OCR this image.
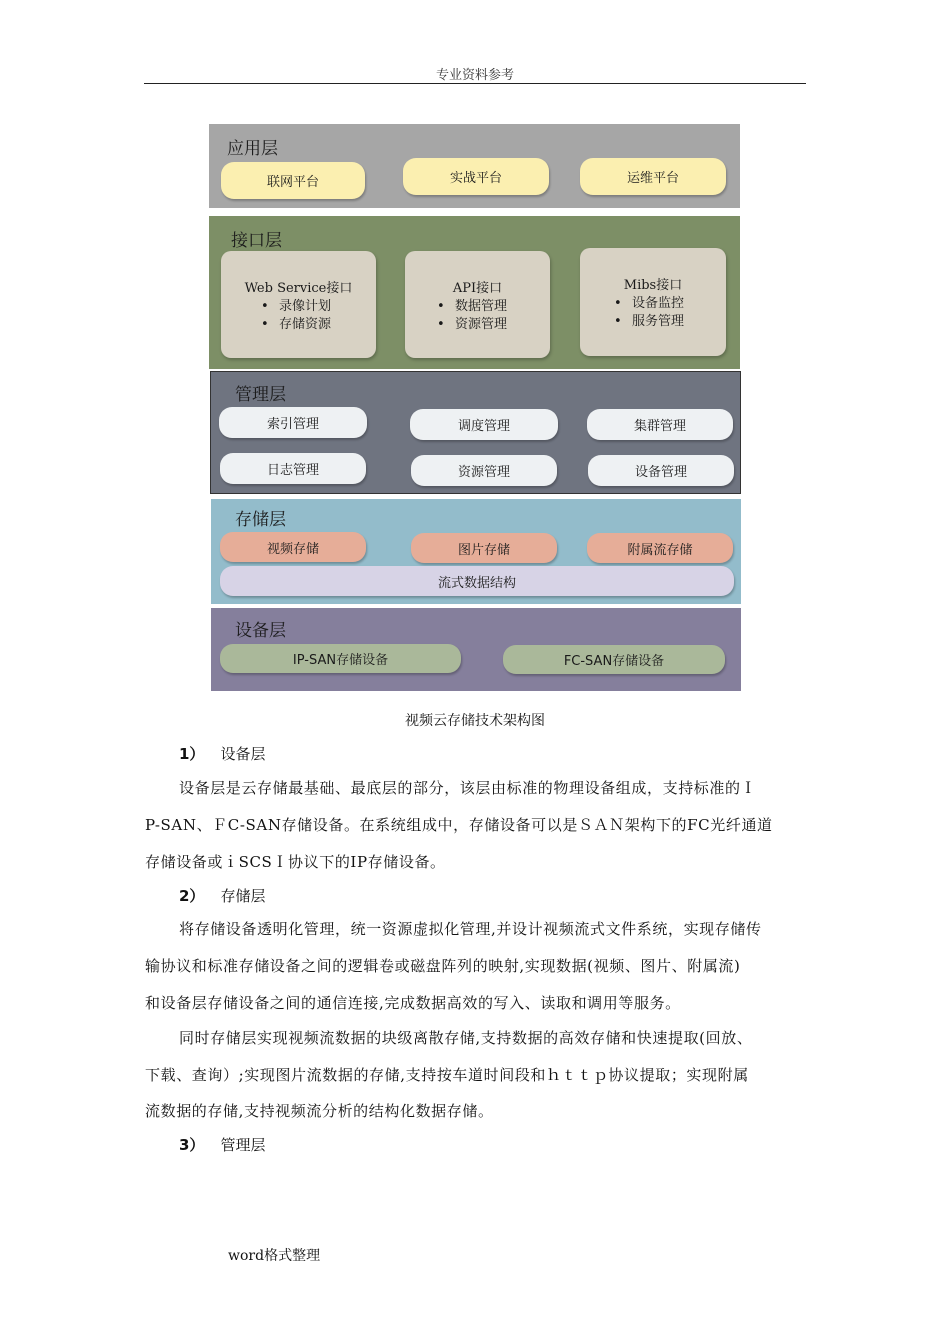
专业资料参考
应用层
联网平台	实战平台	运维平台
接口层
Web Service接口
• 录像计划
• 存储资源
API接口
• 数据管理
• 资源管理
Mibs接口
• 设备监控
• 服务管理
管理层
索引管理	调度管理	集群管理
日志管理	资源管理	设备管理
存储层
视频存储	图片存储	附属流存储
流式数据结构
设备层
IP-SAN存储设备	FC-SAN存储设备
视频云存储技术架构图
1） 设备层
设备层是云存储最基础、最底层的部分，该层由标准的物理设备组成，支持标准的Ｉ
P-SAN、ＦC-SAN存储设备。在系统组成中，存储设备可以是ＳＡＮ架构下的FC光纤通道
存储设备或ｉSCSＩ协议下的IP存储设备。
2） 存储层
将存储设备透明化管理，统一资源虚拟化管理,并设计视频流式文件系统，实现存储传
输协议和标准存储设备之间的逻辑卷或磁盘阵列的映射,实现数据(视频、图片、附属流)
和设备层存储设备之间的通信连接,完成数据高效的写入、读取和调用等服务。
同时存储层实现视频流数据的块级离散存储,支持数据的高效存储和快速提取(回放、
下载、查询）;实现图片流数据的存储,支持按车道时间段和ｈｔｔｐ协议提取；实现附属
流数据的存储,支持视频流分析的结构化数据存储。
3） 管理层
word格式整理
